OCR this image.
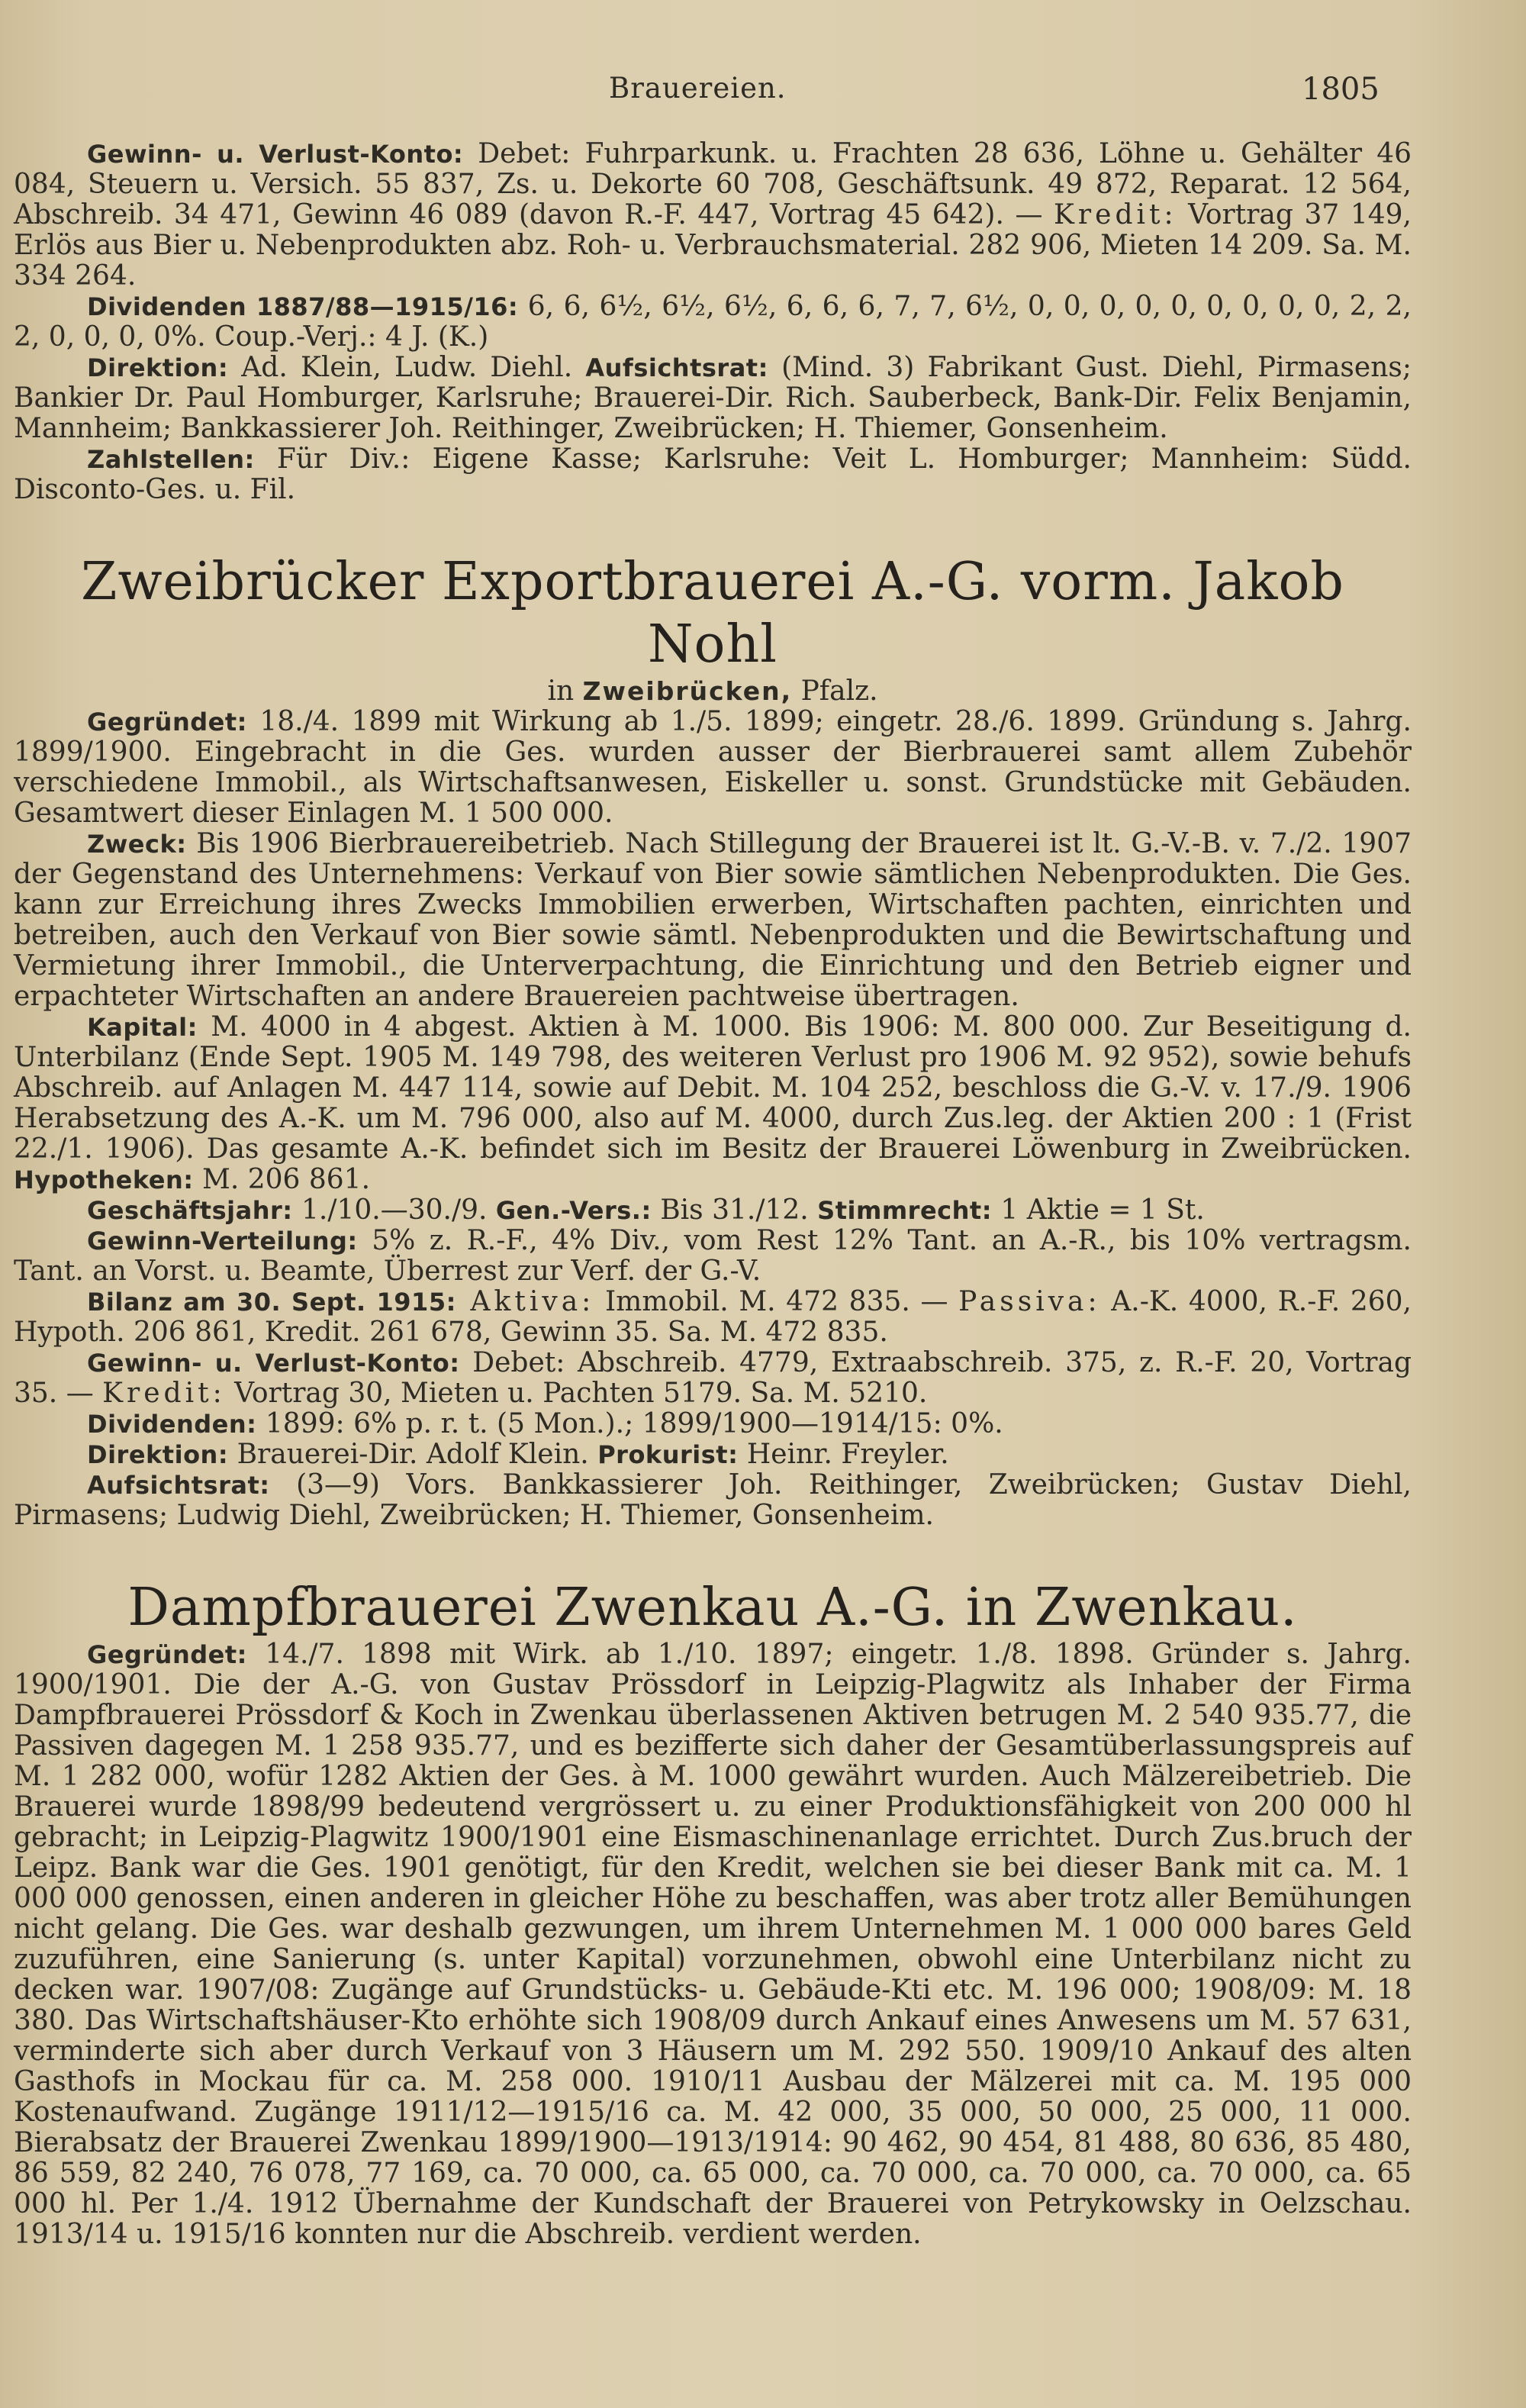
Brauereien.	1805

Gewinn- u. Verlust-Konto: Debet: Fuhrparkunk. u. Frachten 28 636, Löhne u. Gehälter 46 084, Steuern u. Versich. 55 837, Zs. u. Dekorte 60 708, Geschäftsunk. 49 872, Reparat. 12 564, Abschreib. 34 471, Gewinn 46 089 (davon R.-F. 447, Vortrag 45 642). — Kredit: Vortrag 37 149, Erlös aus Bier u. Nebenprodukten abz. Roh- u. Verbrauchsmaterial. 282 906, Mieten 14 209. Sa. M. 334 264.

Dividenden 1887/88—1915/16: 6, 6, 6½, 6½, 6½, 6, 6, 6, 7, 7, 6½, 0, 0, 0, 0, 0, 0, 0, 0, 0, 2, 2, 2, 0, 0, 0, 0%. Coup.-Verj.: 4 J. (K.)

Direktion: Ad. Klein, Ludw. Diehl. Aufsichtsrat: (Mind. 3) Fabrikant Gust. Diehl, Pirmasens; Bankier Dr. Paul Homburger, Karlsruhe; Brauerei-Dir. Rich. Sauberbeck, Bank-Dir. Felix Benjamin, Mannheim; Bankkassierer Joh. Reithinger, Zweibrücken; H. Thiemer, Gonsenheim.

Zahlstellen: Für Div.: Eigene Kasse; Karlsruhe: Veit L. Homburger; Mannheim: Südd. Disconto-Ges. u. Fil.

Zweibrücker Exportbrauerei A.-G. vorm. Jakob Nohl
in Zweibrücken, Pfalz.

Gegründet: 18./4. 1899 mit Wirkung ab 1./5. 1899; eingetr. 28./6. 1899. Gründung s. Jahrg. 1899/1900. Eingebracht in die Ges. wurden ausser der Bierbrauerei samt allem Zubehör verschiedene Immobil., als Wirtschaftsanwesen, Eiskeller u. sonst. Grundstücke mit Gebäuden. Gesamtwert dieser Einlagen M. 1 500 000.

Zweck: Bis 1906 Bierbrauereibetrieb. Nach Stillegung der Brauerei ist lt. G.-V.-B. v. 7./2. 1907 der Gegenstand des Unternehmens: Verkauf von Bier sowie sämtlichen Nebenprodukten. Die Ges. kann zur Erreichung ihres Zwecks Immobilien erwerben, Wirtschaften pachten, einrichten und betreiben, auch den Verkauf von Bier sowie sämtl. Nebenprodukten und die Bewirtschaftung und Vermietung ihrer Immobil., die Unterverpachtung, die Einrichtung und den Betrieb eigner und erpachteter Wirtschaften an andere Brauereien pachtweise übertragen.

Kapital: M. 4000 in 4 abgest. Aktien à M. 1000. Bis 1906: M. 800 000. Zur Beseitigung d. Unterbilanz (Ende Sept. 1905 M. 149 798, des weiteren Verlust pro 1906 M. 92 952), sowie behufs Abschreib. auf Anlagen M. 447 114, sowie auf Debit. M. 104 252, beschloss die G.-V. v. 17./9. 1906 Herabsetzung des A.-K. um M. 796 000, also auf M. 4000, durch Zus.leg. der Aktien 200 : 1 (Frist 22./1. 1906). Das gesamte A.-K. befindet sich im Besitz der Brauerei Löwenburg in Zweibrücken. Hypotheken: M. 206 861.

Geschäftsjahr: 1./10.—30./9. Gen.-Vers.: Bis 31./12. Stimmrecht: 1 Aktie = 1 St.

Gewinn-Verteilung: 5% z. R.-F., 4% Div., vom Rest 12% Tant. an A.-R., bis 10% vertragsm. Tant. an Vorst. u. Beamte, Überrest zur Verf. der G.-V.

Bilanz am 30. Sept. 1915: Aktiva: Immobil. M. 472 835. — Passiva: A.-K. 4000, R.-F. 260, Hypoth. 206 861, Kredit. 261 678, Gewinn 35. Sa. M. 472 835.

Gewinn- u. Verlust-Konto: Debet: Abschreib. 4779, Extraabschreib. 375, z. R.-F. 20, Vortrag 35. — Kredit: Vortrag 30, Mieten u. Pachten 5179. Sa. M. 5210.

Dividenden: 1899: 6% p. r. t. (5 Mon.).; 1899/1900—1914/15: 0%.

Direktion: Brauerei-Dir. Adolf Klein. Prokurist: Heinr. Freyler.

Aufsichtsrat: (3—9) Vors. Bankkassierer Joh. Reithinger, Zweibrücken; Gustav Diehl, Pirmasens; Ludwig Diehl, Zweibrücken; H. Thiemer, Gonsenheim.

Dampfbrauerei Zwenkau A.-G. in Zwenkau.

Gegründet: 14./7. 1898 mit Wirk. ab 1./10. 1897; eingetr. 1./8. 1898. Gründer s. Jahrg. 1900/1901. Die der A.-G. von Gustav Prössdorf in Leipzig-Plagwitz als Inhaber der Firma Dampfbrauerei Prössdorf & Koch in Zwenkau überlassenen Aktiven betrugen M. 2 540 935.77, die Passiven dagegen M. 1 258 935.77, und es bezifferte sich daher der Gesamtüberlassungspreis auf M. 1 282 000, wofür 1282 Aktien der Ges. à M. 1000 gewährt wurden. Auch Mälzereibetrieb. Die Brauerei wurde 1898/99 bedeutend vergrössert u. zu einer Produktionsfähigkeit von 200 000 hl gebracht; in Leipzig-Plagwitz 1900/1901 eine Eismaschinenanlage errichtet. Durch Zus.bruch der Leipz. Bank war die Ges. 1901 genötigt, für den Kredit, welchen sie bei dieser Bank mit ca. M. 1 000 000 genossen, einen anderen in gleicher Höhe zu beschaffen, was aber trotz aller Bemühungen nicht gelang. Die Ges. war deshalb gezwungen, um ihrem Unternehmen M. 1 000 000 bares Geld zuzuführen, eine Sanierung (s. unter Kapital) vorzunehmen, obwohl eine Unterbilanz nicht zu decken war. 1907/08: Zugänge auf Grundstücks- u. Gebäude-Kti etc. M. 196 000; 1908/09: M. 18 380. Das Wirtschaftshäuser-Kto erhöhte sich 1908/09 durch Ankauf eines Anwesens um M. 57 631, verminderte sich aber durch Verkauf von 3 Häusern um M. 292 550. 1909/10 Ankauf des alten Gasthofs in Mockau für ca. M. 258 000. 1910/11 Ausbau der Mälzerei mit ca. M. 195 000 Kostenaufwand. Zugänge 1911/12—1915/16 ca. M. 42 000, 35 000, 50 000, 25 000, 11 000. Bierabsatz der Brauerei Zwenkau 1899/1900—1913/1914: 90 462, 90 454, 81 488, 80 636, 85 480, 86 559, 82 240, 76 078, 77 169, ca. 70 000, ca. 65 000, ca. 70 000, ca. 70 000, ca. 70 000, ca. 65 000 hl. Per 1./4. 1912 Übernahme der Kundschaft der Brauerei von Petrykowsky in Oelzschau. 1913/14 u. 1915/16 konnten nur die Abschreib. verdient werden.
